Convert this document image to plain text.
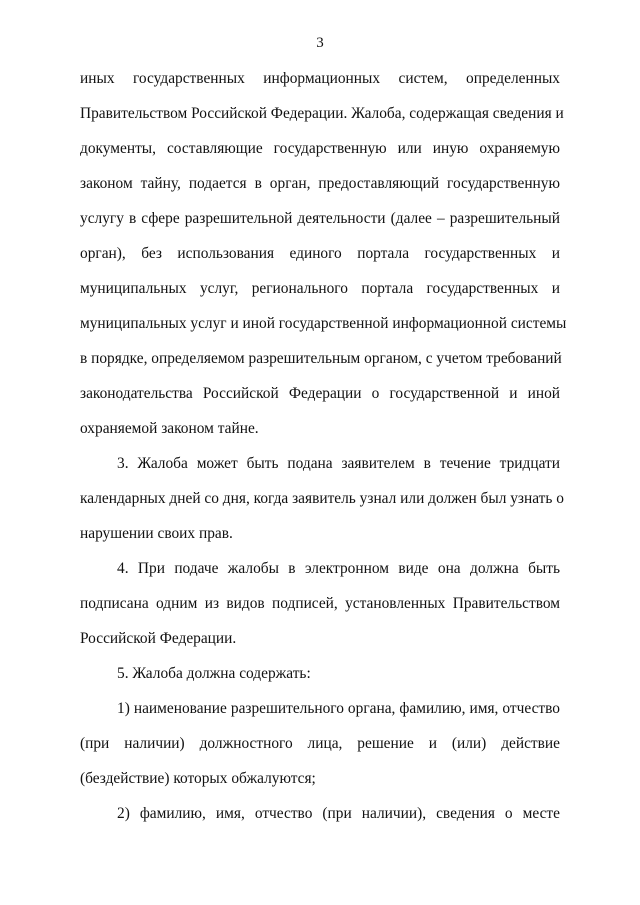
3
иных государственных информационных систем, определенных
Правительством Российской Федерации. Жалоба, содержащая сведения и
документы, составляющие государственную или иную охраняемую
законом тайну, подается в орган, предоставляющий государственную
услугу в сфере разрешительной деятельности (далее – разрешительный
орган), без использования единого портала государственных и
муниципальных услуг, регионального портала государственных и
муниципальных услуг и иной государственной информационной системы
в порядке, определяемом разрешительным органом, с учетом требований
законодательства Российской Федерации о государственной и иной
охраняемой законом тайне.
3. Жалоба может быть подана заявителем в течение тридцати
календарных дней со дня, когда заявитель узнал или должен был узнать о
нарушении своих прав.
4. При подаче жалобы в электронном виде она должна быть
подписана одним из видов подписей, установленных Правительством
Российской Федерации.
5. Жалоба должна содержать:
1) наименование разрешительного органа, фамилию, имя, отчество
(при наличии) должностного лица, решение и (или) действие
(бездействие) которых обжалуются;
2) фамилию, имя, отчество (при наличии), сведения о месте
